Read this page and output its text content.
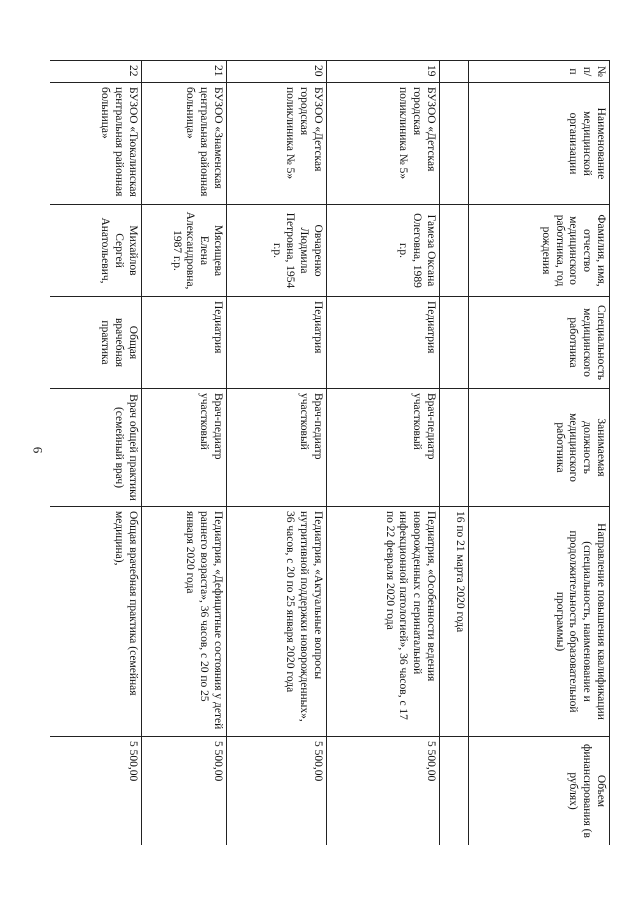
6
№ п/п	Наименование медицинской организации	Фамилия, имя, отчество медицинского работника, год рождения	Специальность медицинского работника	Занимаемая должность медицинского работника	Направление повышения квалификации (специальность, наименование и продолжительность образовательной программы)	Объем финансирования (в рублях)
					16 по 21 марта 2020 года	
19	БУЗОО «Детская городская поликлиника № 5»	Гамеза Оксана Олеговна, 1989 г.р.	Педиатрия	Врач-педиатр участковый	Педиатрия, «Особенности ведения новорожденных с перинатальной инфекционной патологией», 36 часов, с 17 по 22 февраля 2020 года	5 500,00
20	БУЗОО «Детская городская поликлиника № 5»	Овчаренко Людмила Петровна, 1954 г.р.	Педиатрия	Врач-педиатр участковый	Педиатрия, «Актуальные вопросы нутритивной поддержки новорожденных», 36 часов, с 20 по 25 января 2020 года	5 500,00
21	БУЗОО «Знаменская центральная районная больница»	Мясищева Елена Александровна, 1987 г.р.	Педиатрия	Врач-педиатр участковый	Педиатрия, «Дефицитные состояния у детей раннего возраста», 36 часов, с 20 по 25 января 2020 года	5 500,00
22	БУЗОО «Тюкалинская центральная районная больница»	Михайлов Сергей Анатольевич,	Общая врачебная практика	Врач общей практики (семейный врач)	Общая врачебная практика (семейная медицина),	5 500,00
